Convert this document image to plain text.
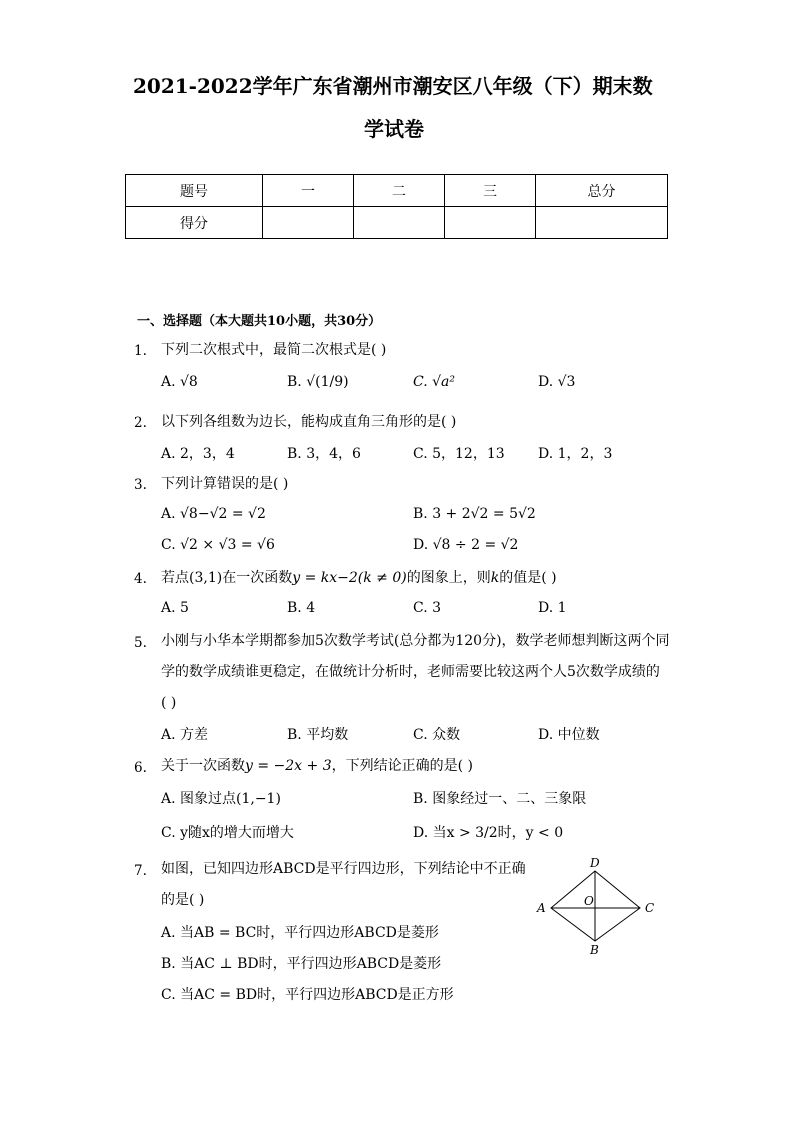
2021-2022学年广东省潮州市潮安区八年级（下）期末数
学试卷
题号	一	二	三	总分
得分				
一、选择题（本大题共10小题，共30分）
1. 下列二次根式中，最简二次根式是( )
A. √8	B. √(1/9)	C. √a²	D. √3
2. 以下列各组数为边长，能构成直角三角形的是( )
A. 2，3，4	B. 3，4，6	C. 5，12，13 D. 1，2，3
3. 下列计算错误的是( )
A. √8−√2 = √2	B. 3 + 2√2 = 5√2
C. √2 × √3 = √6	D. √8 ÷ 2 = √2
4. 若点(3,1)在一次函数y = kx−2(k ≠ 0)的图象上，则k的值是( )
A. 5	B. 4	C. 3	D. 1
5. 小刚与小华本学期都参加5次数学考试(总分都为120分)，数学老师想判断这两个同
学的数学成绩谁更稳定，在做统计分析时，老师需要比较这两个人5次数学成绩的
( )
A. 方差	B. 平均数	C. 众数	D. 中位数
6. 关于一次函数y = −2x + 3，下列结论正确的是( )
A. 图象过点(1,−1)	B. 图象经过一、二、三象限
C. y随x的增大而增大	D. 当x > 3/2时，y < 0
7. 如图，已知四边形ABCD是平行四边形，下列结论中不正确
的是( )
A. 当AB = BC时，平行四边形ABCD是菱形
B. 当AC ⊥ BD时，平行四边形ABCD是菱形
C. 当AC = BD时，平行四边形ABCD是正方形
D
A	C
B
O
